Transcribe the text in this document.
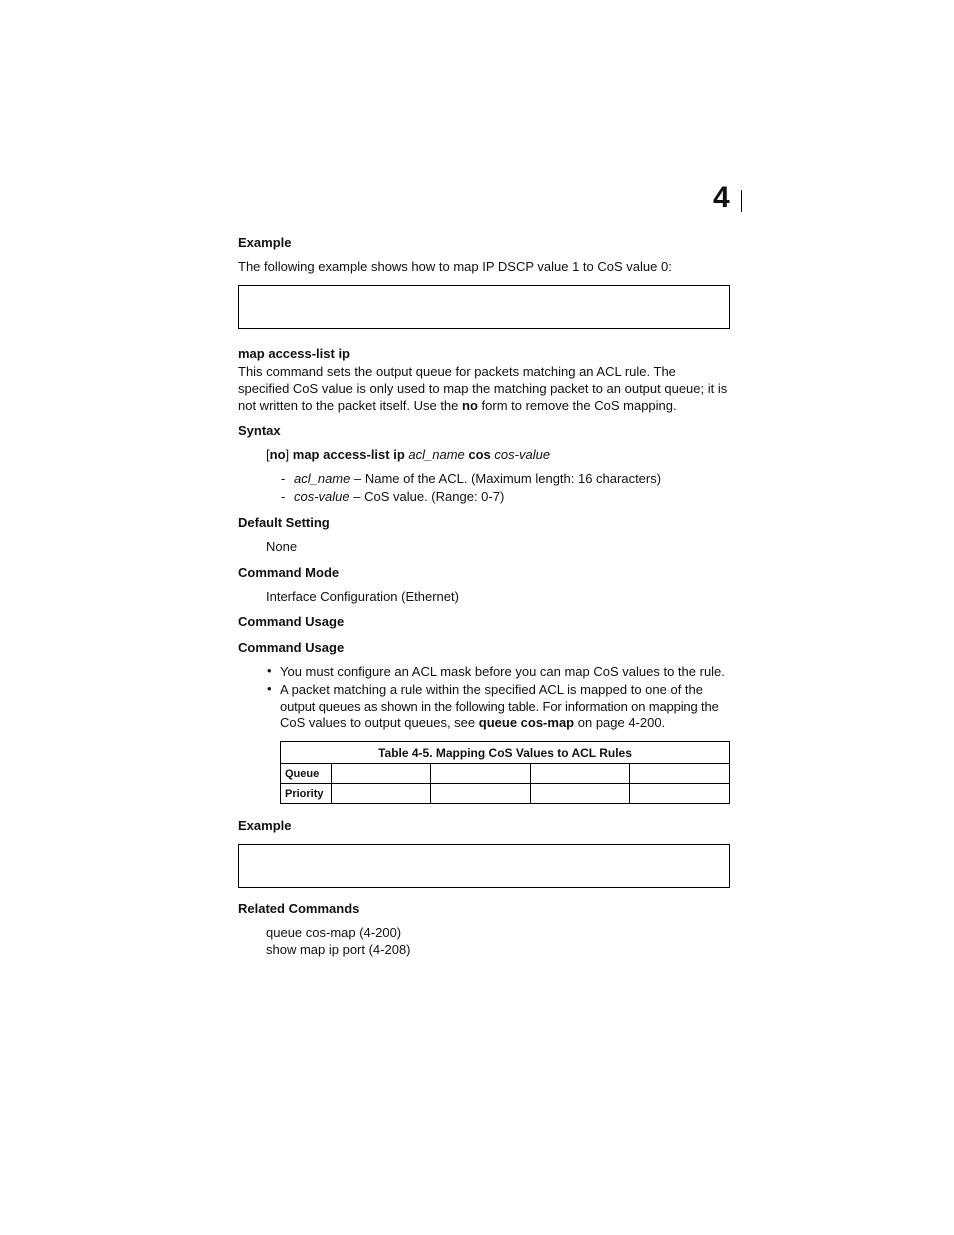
4
Example
The following example shows how to map IP DSCP value 1 to CoS value 0:
map access-list ip
This command sets the output queue for packets matching an ACL rule. The specified CoS value is only used to map the matching packet to an output queue; it is not written to the packet itself. Use the no form to remove the CoS mapping.
Syntax
[no] map access-list ip acl_name cos cos-value
- acl_name – Name of the ACL. (Maximum length: 16 characters)
- cos-value – CoS value. (Range: 0-7)
Default Setting
None
Command Mode
Interface Configuration (Ethernet)
Command Usage
Command Usage
• You must configure an ACL mask before you can map CoS values to the rule.
• A packet matching a rule within the specified ACL is mapped to one of the
output queues as shown in the following table. For information on mapping the
CoS values to output queues, see queue cos-map on page 4-200.
Table 4-5. Mapping CoS Values to ACL Rules				
Queue				
Priority				
Example
Related Commands
queue cos-map (4-200)
show map ip port (4-208)
